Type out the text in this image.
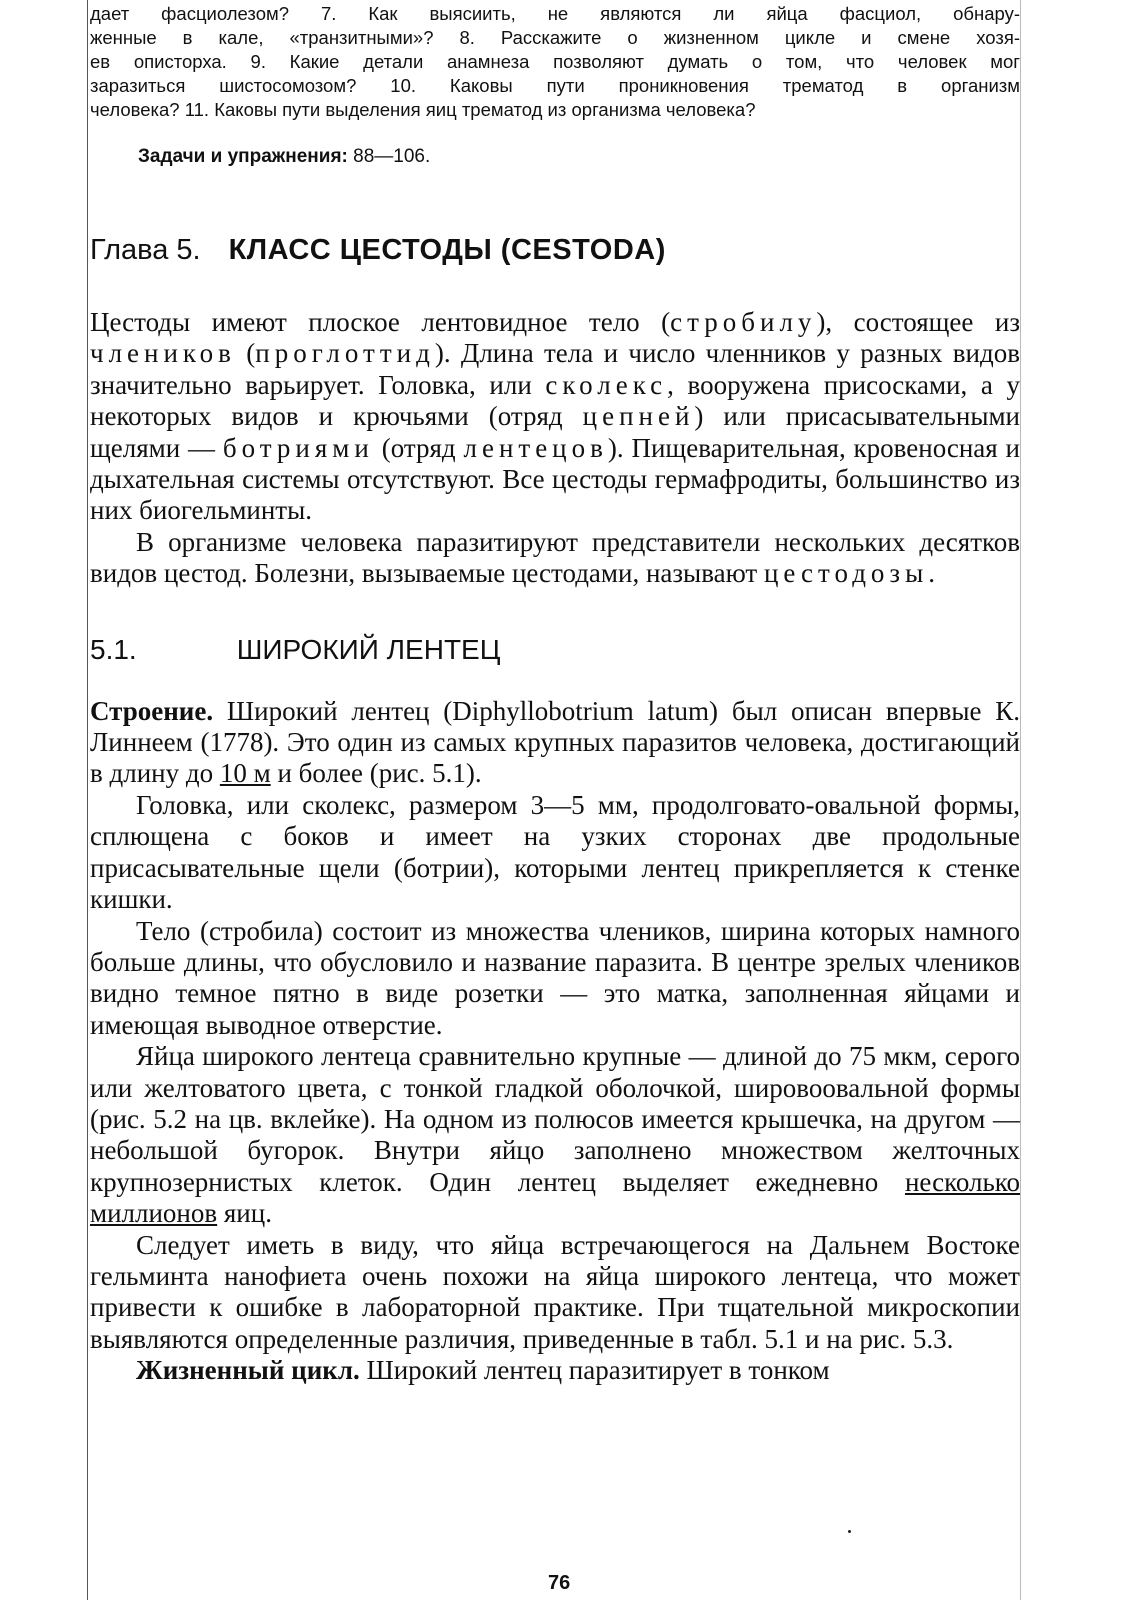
дает фасциолезом? 7. Как выясиить, не являются ли яйца фасциол, обнару-

женные в кале, «транзитными»? 8. Расскажите о жизненном цикле и смене хозя-

ев описторха. 9. Какие детали анамнеза позволяют думать о том, что человек мог

заразиться шистосомозом? 10. Каковы пути проникновения трематод в организм

человека? 11. Каковы пути выделения яиц трематод из организма человека?

Задачи и упражнения: 88—106.
Глава 5. КЛАСС ЦЕСТОДЫ (CESTODA)

Цестоды имеют плоское лентовидное тело (стробилу), состоящее из члеников (проглоттид). Длина тела и число членников у разных видов значительно варьирует. Головка, или сколекс, вооружена присосками, а у некоторых видов и крючьями (отряд цепней) или присасывательными щелями — ботриями (отряд лентецов). Пищеварительная, кровеносная и дыхательная системы отсутствуют. Все цестоды гермафродиты, большинство из них биогельминты.

В организме человека паразитируют представители нескольких десятков видов цестод. Болезни, вызываемые цестодами, называют цестодозы.

5.1.	ШИРОКИЙ ЛЕНТЕЦ

Строение. Широкий лентец (Diphyllobotrium latum) был описан впервые К. Линнеем (1778). Это один из самых крупных паразитов человека, достигающий в длину до 10 м и более (рис. 5.1).

Головка, или сколекс, размером 3—5 мм, продолговато-овальной формы, сплющена с боков и имеет на узких сторонах две продольные присасывательные щели (ботрии), которыми лентец прикрепляется к стенке кишки.

Тело (стробила) состоит из множества члеников, ширина которых намного больше длины, что обусловило и название паразита. В центре зрелых члеников видно темное пятно в виде розетки — это матка, заполненная яйцами и имеющая выводное отверстие.

Яйца широкого лентеца сравнительно крупные — длиной до 75 мкм, серого или желтоватого цвета, с тонкой гладкой оболочкой, шировоовальной формы (рис. 5.2 на цв. вклейке). На одном из полюсов имеется крышечка, на другом — небольшой бугорок. Внутри яйцо заполнено множеством желточных крупнозернистых клеток. Один лентец выделяет ежедневно несколько миллионов яиц.

Следует иметь в виду, что яйца встречающегося на Дальнем Востоке гельминта нанофиета очень похожи на яйца широкого лентеца, что может привести к ошибке в лабораторной практике. При тщательной микроскопии выявляются определенные различия, приведенные в табл. 5.1 и на рис. 5.3.

Жизненный цикл. Широкий лентец паразитирует в тонком

76
